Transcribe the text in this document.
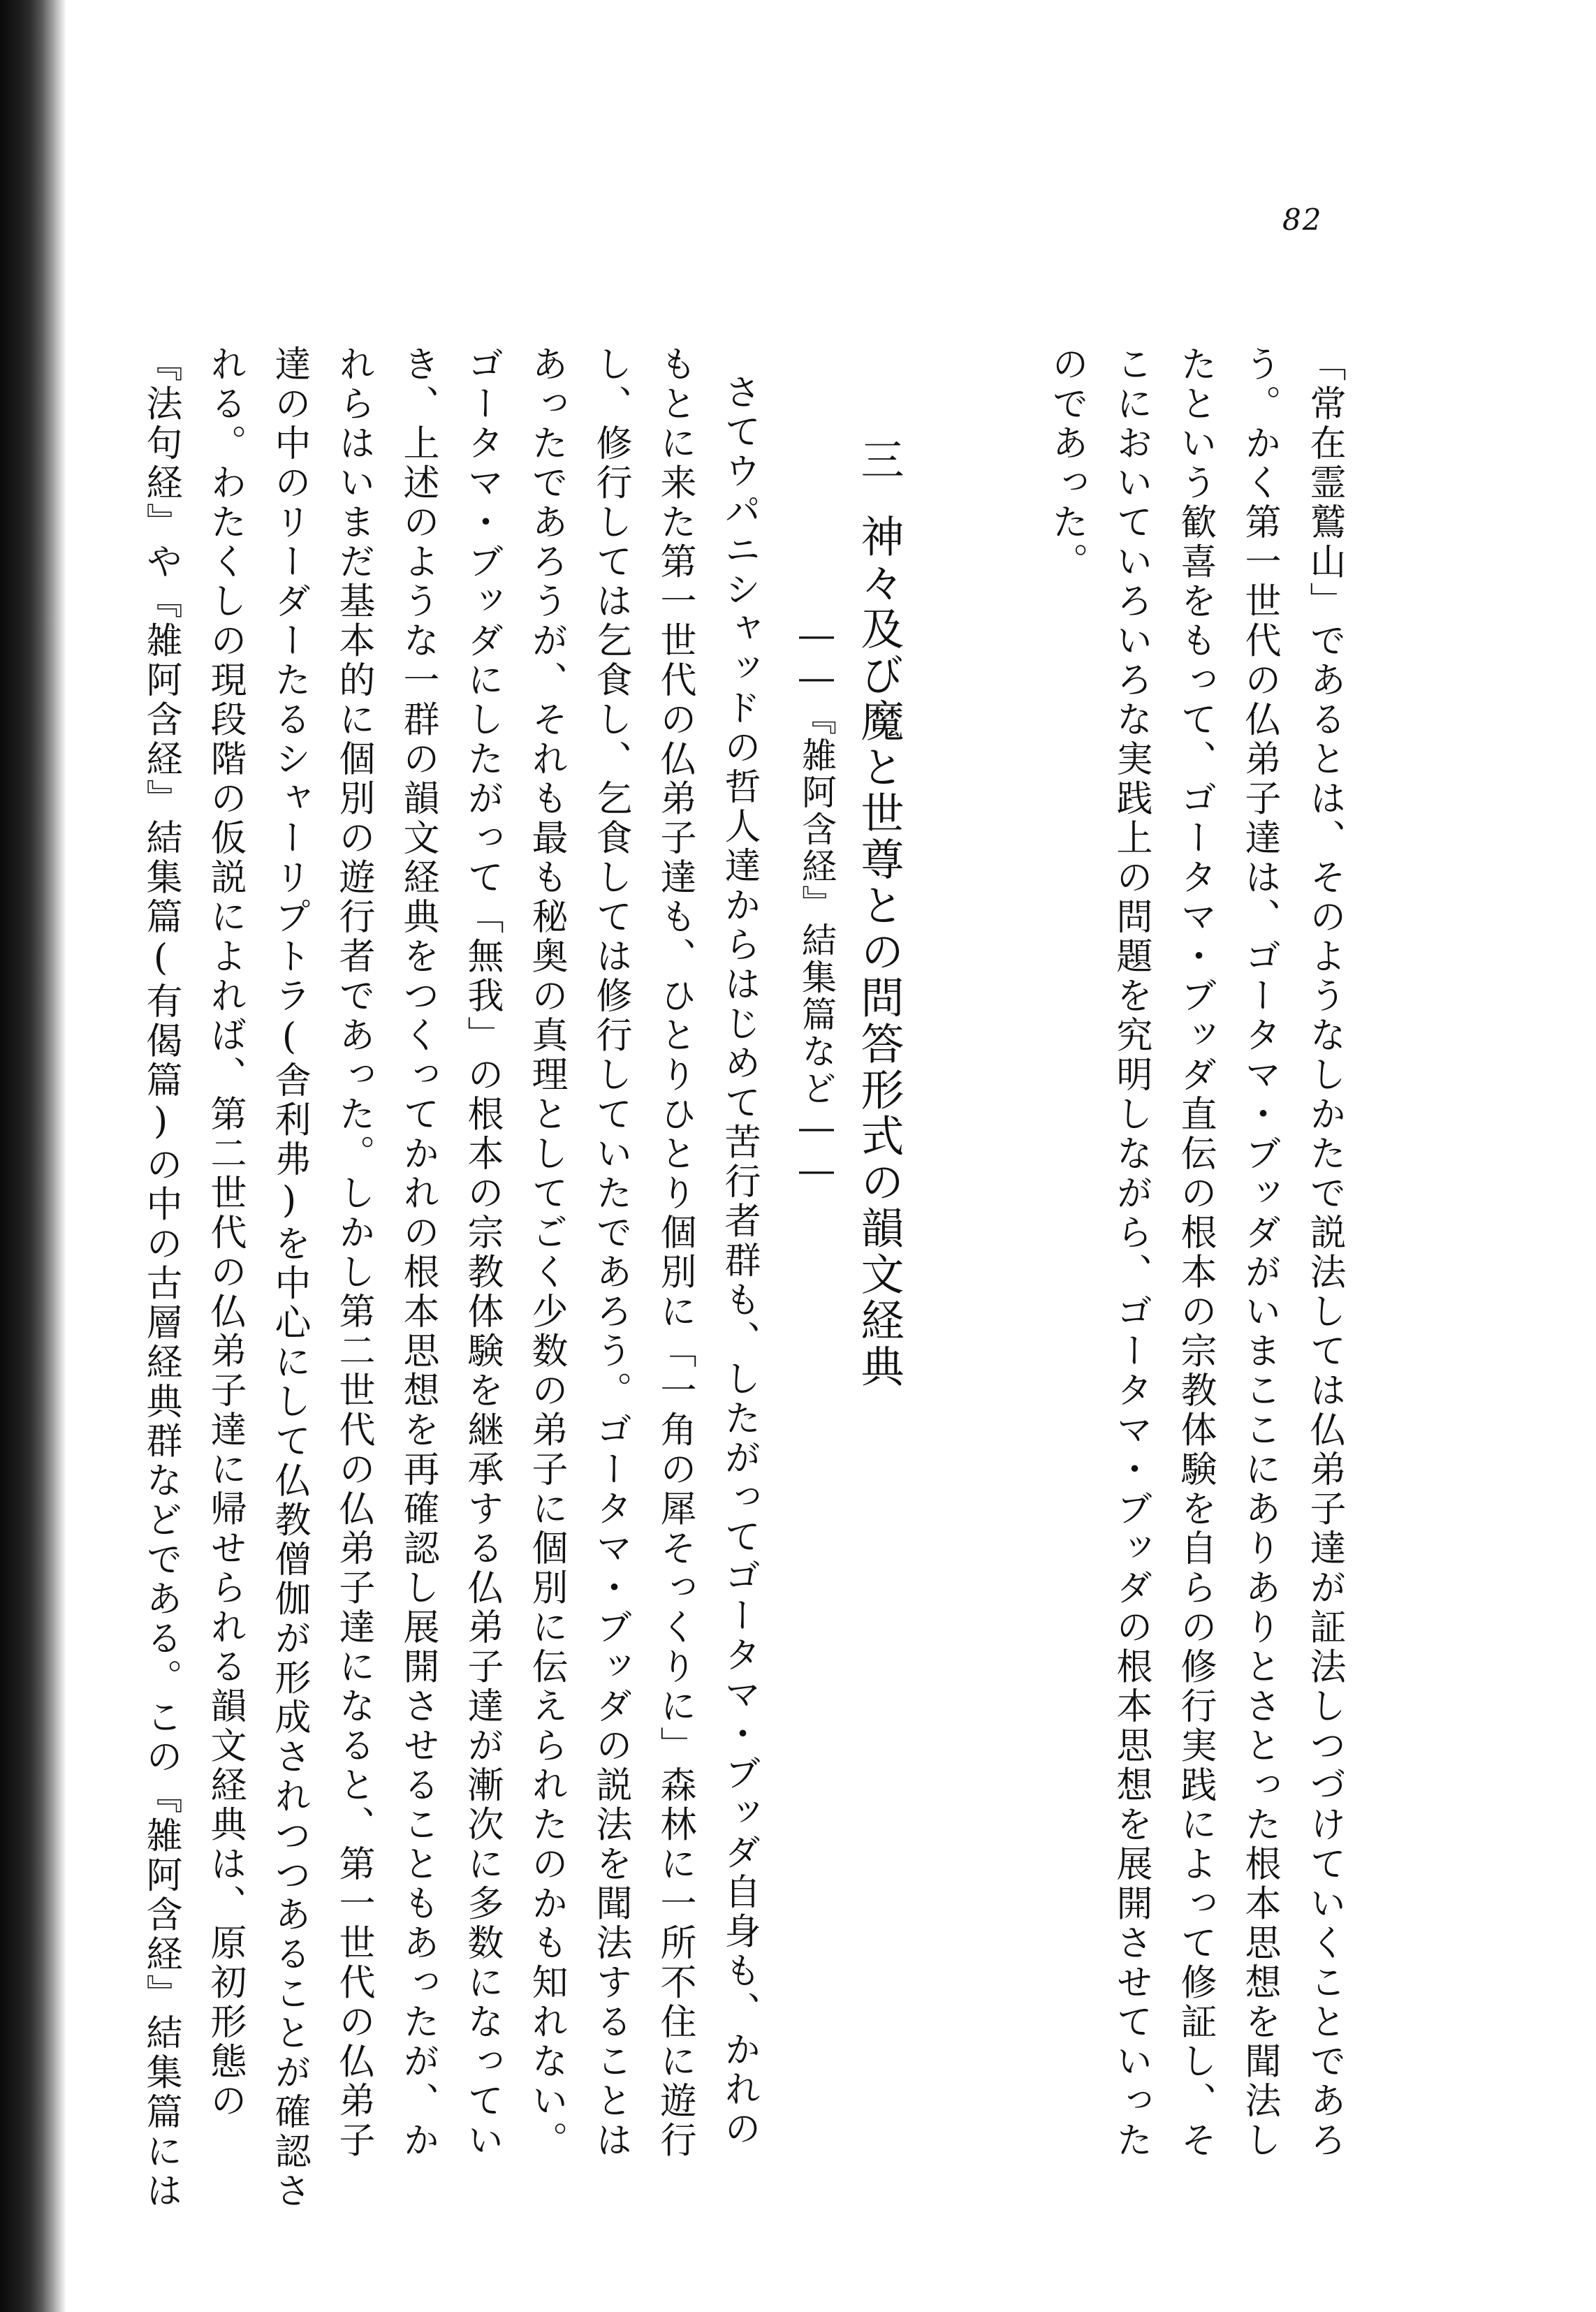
82

「常在霊鷲山」であるとは、そのようなしかたで説法しては仏弟子達が証法しつづけていくことであろ

う。かく第一世代の仏弟子達は、ゴータマ・ブッダがいまここにありありとさとった根本思想を聞法し

たという歓喜をもって、ゴータマ・ブッダ直伝の根本の宗教体験を自らの修行実践によって修証し、そ

こにおいていろいろな実践上の問題を究明しながら、ゴータマ・ブッダの根本思想を展開させていった

のであった。

三神々及び魔と世尊との問答形式の韻文経典
――『雑阿含経』結集篇など――

さてウパニシャッドの哲人達からはじめて苦行者群も、したがってゴータマ・ブッダ自身も、かれの

もとに来た第一世代の仏弟子達も、ひとりひとり個別に「一角の犀そっくりに」森林に一所不住に遊行

し、修行しては乞食し、乞食しては修行していたであろう。ゴータマ・ブッダの説法を聞法することは

あったであろうが、それも最も秘奥の真理としてごく少数の弟子に個別に伝えられたのかも知れない。

ゴータマ・ブッダにしたがって「無我」の根本の宗教体験を継承する仏弟子達が漸次に多数になってい

き、上述のような一群の韻文経典をつくってかれの根本思想を再確認し展開させることもあったが、か

れらはいまだ基本的に個別の遊行者であった。しかし第二世代の仏弟子達になると、第一世代の仏弟子

達の中のリーダーたるシャーリプトラ(舎利弗)を中心にして仏教僧伽が形成されつつあることが確認さ

れる。わたくしの現段階の仮説によれば、第二世代の仏弟子達に帰せられる韻文経典は、原初形態の

『法句経』や『雑阿含経』結集篇(有偈篇)の中の古層経典群などである。この『雑阿含経』結集篇には
